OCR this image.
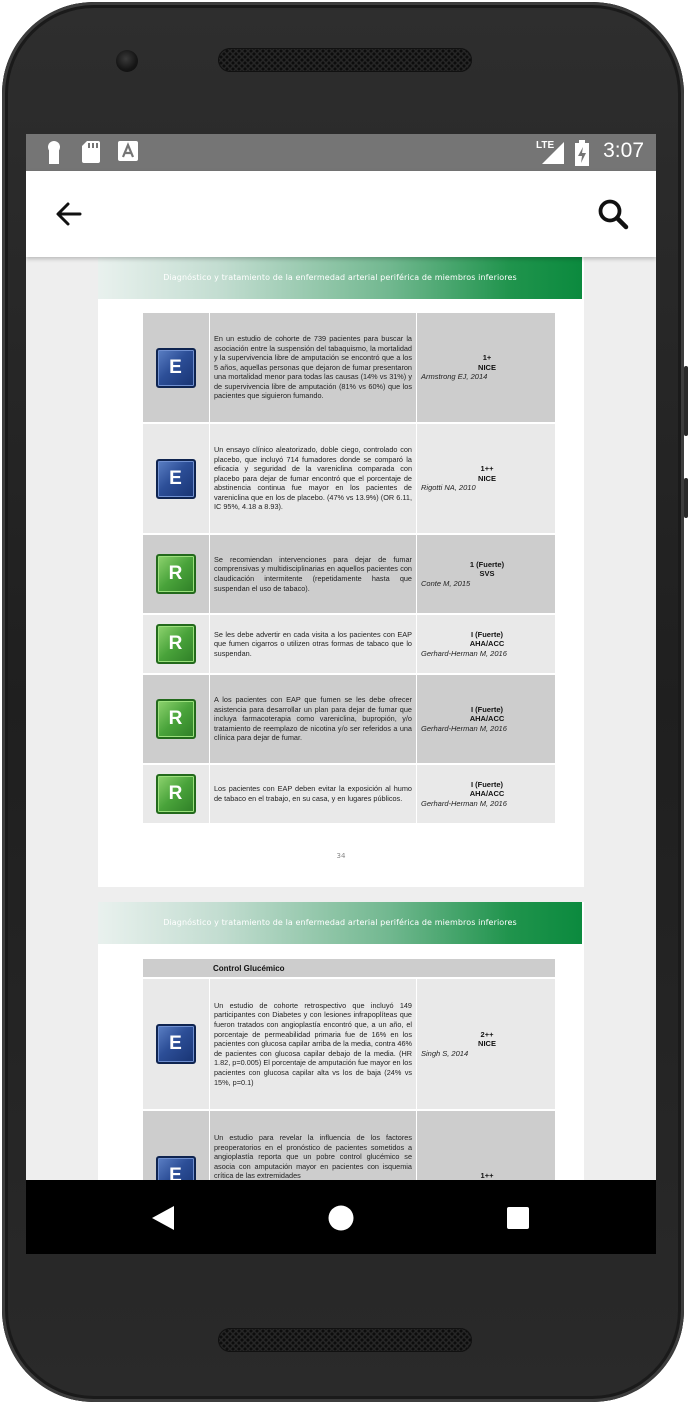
LTE 3:07
Diagnóstico y tratamiento de la enfermedad arterial periférica de miembros inferiores
E

En un estudio de cohorte de 739 pacientes para buscar la asociación entre la suspensión del tabaquismo, la mortalidad y la supervivencia libre de amputación se encontró que a los 5 años, aquellas personas que dejaron de fumar presentaron una mortalidad menor para todas las causas (14% vs 31%) y de supervivencia libre de amputación (81% vs 60%) que los pacientes que siguieron fumando.

1+
NICE
Armstrong EJ, 2014
E

Un ensayo clínico aleatorizado, doble ciego, controlado con placebo, que incluyó 714 fumadores donde se comparó la eficacia y seguridad de la vareniclina comparada con placebo para dejar de fumar encontró que el porcentaje de abstinencia continua fue mayor en los pacientes de vareniclina que en los de placebo. (47% vs 13.9%) (OR 6.11, IC 95%, 4.18 a 8.93).

1++
NICE
Rigotti NA, 2010
R

Se recomiendan intervenciones para dejar de fumar comprensivas y multidisciplinarias en aquellos pacientes con claudicación intermitente (repetidamente hasta que suspendan el uso de tabaco).

1 (Fuerte)
SVS
Conte M, 2015
R	Se les debe advertir en cada visita a los pacientes con EAP que fumen cigarros o utilizen otras formas de tabaco que lo suspendan.

I (Fuerte)
AHA/ACC
Gerhard-Herman M, 2016
R

A los pacientes con EAP que fumen se les debe ofrecer asistencia para desarrollar un plan para dejar de fumar que incluya farmacoterapia como vareniclina, bupropión, y/o tratamiento de reemplazo de nicotina y/o ser referidos a una clínica para dejar de fumar.

I (Fuerte)
AHA/ACC
Gerhard-Herman M, 2016
R	Los pacientes con EAP deben evitar la exposición al humo de tabaco en el trabajo, en su casa, y en lugares públicos.

I (Fuerte)
AHA/ACC
Gerhard-Herman M, 2016
34
Diagnóstico y tratamiento de la enfermedad arterial periférica de miembros inferiores
Control Glucémico
E

Un estudio de cohorte retrospectivo que incluyó 149 participantes con Diabetes y con lesiones infrapoplíteas que fueron tratados con angioplastía encontró que, a un año, el porcentaje de permeabilidad primaria fue de 16% en los pacientes con glucosa capilar arriba de la media, contra 46% de pacientes con glucosa capilar debajo de la media. (HR 1.82, p=0.005) El porcentaje de amputación fue mayor en los pacientes con glucosa capilar alta vs los de baja (24% vs 15%, p=0.1)

2++
NICE
Singh S, 2014
E

Un estudio para revelar la influencia de los factores preoperatorios en el pronóstico de pacientes sometidos a angioplastía reporta que un pobre control glucémico se asocia con amputación mayor en pacientes con isquemia crítica de las extremidades	1++
